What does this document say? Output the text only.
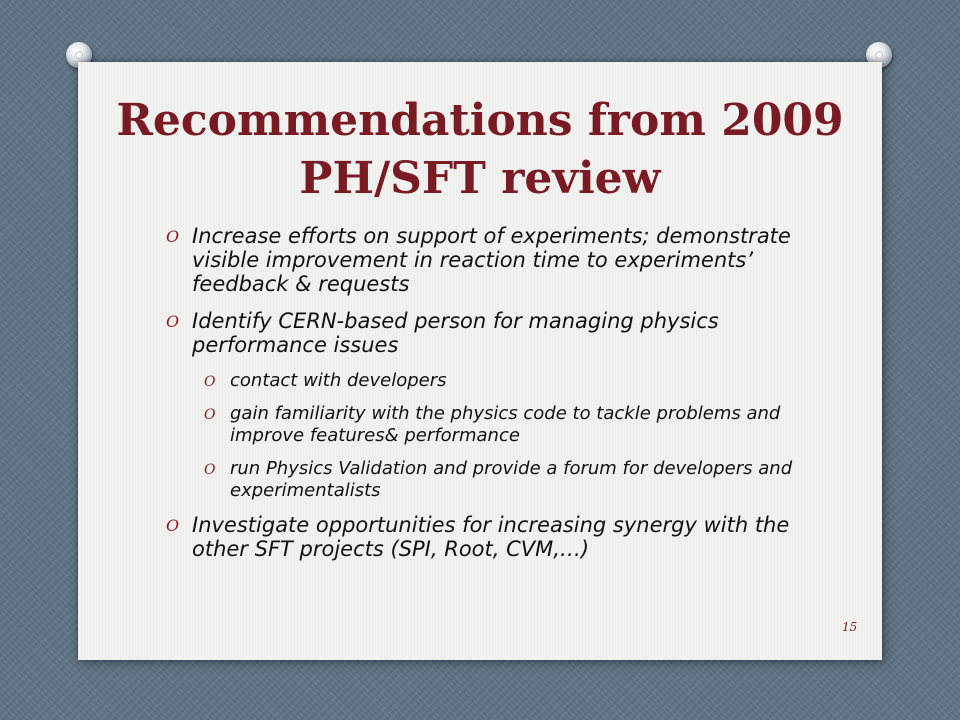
Recommendations from 2009 PH/SFT review
O Increase efforts on support of experiments; demonstrate visible improvement in reaction time to experiments’ feedback & requests
O Identify CERN-based person for managing physics performance issues
O contact with developers
O gain familiarity with the physics code to tackle problems and improve features& performance
O run Physics Validation and provide a forum for developers and experimentalists
O Investigate opportunities for increasing synergy with the other SFT projects (SPI, Root, CVM,…)
15
